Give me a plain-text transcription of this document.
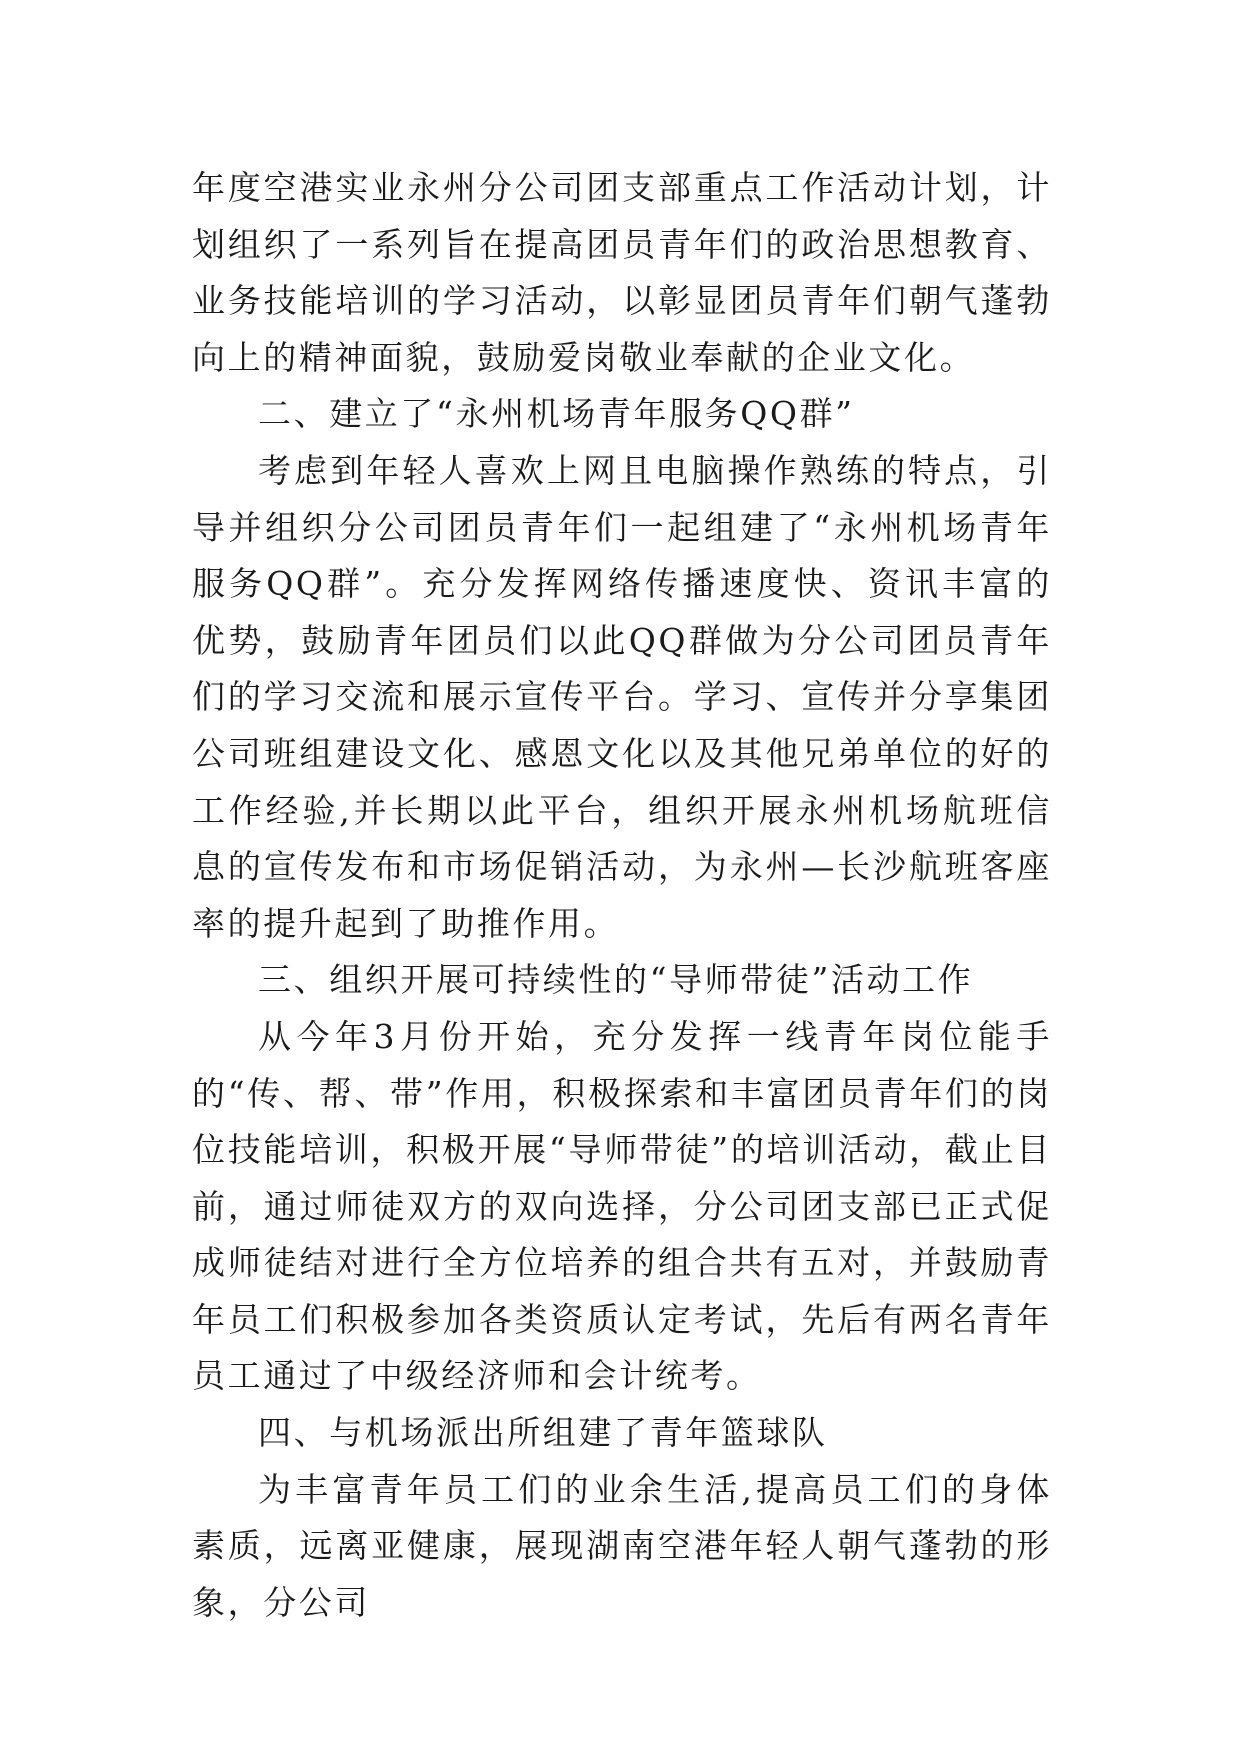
年度空港实业永州分公司团支部重点工作活动计划，计划组织了一系列旨在提高团员青年们的政治思想教育、业务技能培训的学习活动，以彰显团员青年们朝气蓬勃向上的精神面貌，鼓励爱岗敬业奉献的企业文化。

二、建立了“永州机场青年服务QQ群”

考虑到年轻人喜欢上网且电脑操作熟练的特点，引导并组织分公司团员青年们一起组建了“永州机场青年服务QQ群”。充分发挥网络传播速度快、资讯丰富的优势，鼓励青年团员们以此QQ群做为分公司团员青年们的学习交流和展示宣传平台。学习、宣传并分享集团公司班组建设文化、感恩文化以及其他兄弟单位的好的工作经验,并长期以此平台，组织开展永州机场航班信息的宣传发布和市场促销活动，为永州—长沙航班客座率的提升起到了助推作用。

三、组织开展可持续性的“导师带徒”活动工作

从今年3月份开始，充分发挥一线青年岗位能手的“传、帮、带”作用，积极探索和丰富团员青年们的岗位技能培训，积极开展“导师带徒”的培训活动，截止目前，通过师徒双方的双向选择，分公司团支部已正式促成师徒结对进行全方位培养的组合共有五对，并鼓励青年员工们积极参加各类资质认定考试，先后有两名青年员工通过了中级经济师和会计统考。

四、与机场派出所组建了青年篮球队

为丰富青年员工们的业余生活,提高员工们的身体素质，远离亚健康，展现湖南空港年轻人朝气蓬勃的形象，分公司
